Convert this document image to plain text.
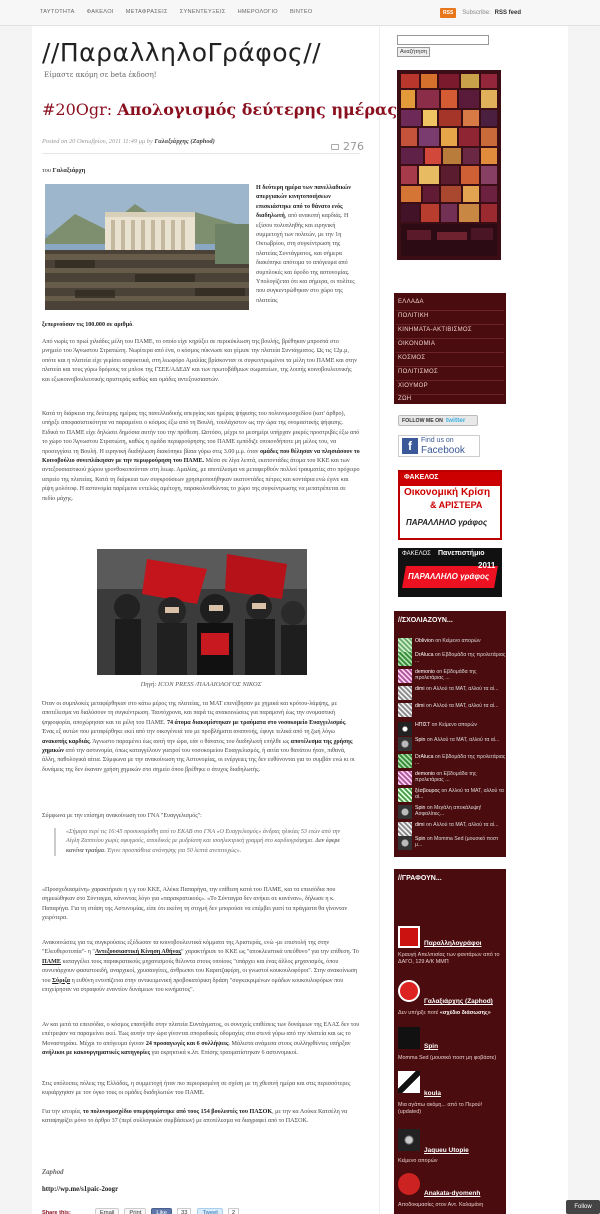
ΤΑΥΤΟΤΗΤΑ ΦΑΚΕΛΟΙ ΜΕΤΑΦΡΑΣΕΙΣ ΣΥΝΕΝΤΕΥΞΕΙΣ ΗΜΕΡΟΛΟΓΙΟ ΒΙΝΤΕΟ	RSS	Subscribe: RSS feed
//ΠαραλληλοΓράφος//
Είμαστε ακόμη σε beta έκδοση!
#20Ogr: Απολογισμός δεύτερης ημέρας
Posted on 20 Οκτωβρίου, 2011 11:49 μμ by Γαλαξιάρχης (Zaphod)	276
του Γαλαξιάρχη
Η δεύτερη ημέρα των πανελλαδικών απεργιακών κινητοποιήσεων επισκιάστηκε από το θάνατο ενός διαδηλωτή, από ανακοπή καρδιάς. Η εξίσου πολυπληθής και ειρηνική συμμετοχή των πολιτών, με την 1η Οκτωβρίου, στη συγκέντρωση της πλατείας Συντάγματος, και σήμερα διακόπηκε απότομα το απόγευμα από συμπλοκές και έφοδο της αστυνομίας. Υπολογίζεται ότι και σήμερα, οι πολίτες που συγκεντρώθηκαν στο χώρο της πλατείας
ξεπερνούσαν τις 100.000 σε αριθμό.
Από νωρίς το πρωί χιλιάδες μέλη του ΠΑΜΕ, το οποίο είχε κηρύξει σε περικύκλωση της βουλής, βρέθηκαν μπροστά στο μνημείο του Άγνωστου Στρατιώτη. Νωρίτερα από ένα, ο κόσμος πύκνωσε και γέμισε την πλατεία Συντάγματος. Ως τις 12μ.μ, οπότε και η πλατεία είχε γεμίσει ασφυκτικά, στη λεωφόρο Αμαλίας βρίσκονταν οι συγκεντρωμένοι τα μέλη του ΠΑΜΕ και στην πλατεία και τους γύρω δρόμους τα μπλοκ της ΓΣΕΕ/ΑΔΕΔΥ και των πρωτοβάθμιων σωματείων, της λοιπής κοινοβουλευτικής και εξωκοινοβουλευτικής αριστεράς καθώς και ομάδες αντεξουσιαστών.
Κατά τη διάρκεια της δεύτερης ημέρας της πανελλαδικής απεργίας και ημέρας ψήφισης του πολυνομοσχεδίου (κατ' άρθρο), υπήρξε αποφασιστικότητα να παραμείνει ο κόσμος έξω από τη Βουλή, τουλάχιστον ως την ώρα της ονομαστικής ψήφισης. Ειδικά το ΠΑΜΕ είχε δηλώσει δημόσια αυτήν του την πρόθεση. Ωστόσο, μέχρι το μεσημέρι υπήρχαν μικρές προστριβές έξω από το χώρο του Άγνωστου Στρατιώτη, καθώς η ομάδα περιφρούρησης του ΠΑΜΕ εμπόδιζε οποιονδήποτε μη μέλος του, να προσεγγίσει τη Βουλή. Η ειρηνική διαδήλωση διακόπηκε βίαια γύρω στις 3.00 μ.μ. όταν ομάδες που θέλησαν να πλησιάσουν το Κοινοβούλιο συνεπλάκησαν με την περιφρούρηση του ΠΑΜΕ. Μέσα σε λίγα λεπτά, εκατοντάδες άτομα του ΚΚΕ και των αντεξουσιαστικού χώρου γρονθοκοπούνταν στη λεωφ. Αμαλίας, με αποτέλεσμα να μεταφερθούν πολλοί τραυματίες στο πρόχειρο ιατρείο της πλατείας. Κατά τη διάρκεια των συγκρούσεων χρησιμοποιήθηκαν εκατοντάδες πέτρες και κοντάρια ενώ έγινε και ρίψη μολότοφ. Η αστυνομία παρέμεινε εντελώς αμέτοχη, παρακολουθώντας το χώρο της συγκέντρωσης να μετατρέπεται σε πεδίο μάχης.
Πηγή: ICON PRESS /ΠΑΛΑΙΟΛΟΓΟΣ ΝΙΚΟΣ
Όταν οι συμπλοκές μεταφέρθηκαν στο κάτω μέρος της πλατείας, τα ΜΑΤ επενέβησαν με χημικά και κρότου-λάμψης, με αποτέλεσμα να διαλύσουν τη συγκέντρωση. Ταυτόχρονα, και παρά τις ανακοινώσεις για παραμονή έως την ονομαστική ψηφοφορία, αποχώρησαν και τα μέλη του ΠΑΜΕ. 74 άτομα διακομίστηκαν με τραύματα στο νοσοκομείο Ευαγγελισμός. Ένας εξ αυτών που μεταφέρθηκε εκεί από την οικογένειά του με προβλήματα αναπνοής, έφυγε τελικά από τη ζωή λόγω ανακοπής καρδιάς. Άγνωστο παραμένει έως αυτή την ώρα, εάν ο θάνατος του διαδηλωτή επήλθε ως αποτέλεσμα της χρήσης χημικών από την αστυνομία, όπως καταγγέλουν γιατροί του νοσοκομείου Ευαγγελισμός, ή αιτία του θανάτου ήταν, πιθανά, άλλη, παθολογικά αίτια. Σύμφωνα με την ανακοίνωση της Αστυνομίας, οι ενέργειες της δεν ευθύνονται για το συμβάν ενώ κι οι δυνάμεις της δεν έκαναν χρήση χημικών στο σημείο όπου βρέθηκε ο άτυχος διαδηλωτής.
Σύμφωνα με την επίσημη ανακοίνωση του ΓΝΑ "Ευαγγελισμός":
«Σήμερα περί τις 16:45 προσεκομίσθη από το ΕΚΑΒ στο ΓΝΑ «Ο Ευαγγελισμός» άνδρας ηλικίας 53 ετών από την Αίγλη Ζαππείου χωρίς σφυγμούς, αποιδικός με μυδρίαση και ισοηλεκτρική γραμμή στο καρδιογράφημα. Δεν έφερε κανένα τραύμα. Έγινε προσπάθεια ανάνηψης για 50 λεπτά ανεπιτυχώς».
«Προσχεδιασμένη» χαρακτήρισε η γ.γ του ΚΚΕ, Αλέκα Παπαρήγα, την επίθεση κατά του ΠΑΜΕ, και τα επεισόδια που σημειώθηκαν στο Σύνταγμα, κάνοντας λόγο για «παρακρατικούς». «Το Σύνταγμα δεν ανήκει σε κανέναν», δήλωσε η κ. Παπαρήγα. Για τη στάση της Αστυνομίας, είπε ότι εκείνη τη στιγμή δεν μπορούσε να επέμβει γιατί τα πράγματα θα γίνονταν χειρότερα.
Ανακοινώσεις για τις συγκρούσεις εξέδωσαν τα κοινοβουλευτικά κόμματα της Αριστεράς, ενώ -με επιστολή της στην "Ελευθεροτυπία"- η "Αντεξουσιαστική Κίνηση Αθήνας" χαρακτήρισε το ΚΚΕ ως "αποκλειστικά υπεύθυνο" για την επίθεση. Το ΠΑΜΕ καταγγέλει τους παρακρατικούς μηχανισμούς θέλοντα στους οποίους "υπάρχει και ένας άλλος μηχανισμός, όπου συνυπάρχουν φασιστοειδή, αναρχικοί, χρυσαυγίτες, άνθρωποι του Καρατζαφέρη, οι γνωστοί κουκουλοφόροι". Στην ανακοίνωση του Σύριζα η ευθύνη εντοπίζεται στην αντικειμενική προβοκατόρικη δράση "συγκεκριμένων ομάδων κουκουλοφόρων που επιχείρησαν να στραφούν εναντίον δυνάμεων του κινήματος".
Αν και μετά τα επεισόδια, ο κόσμος επανήλθε στην πλατεία Συντάγματος, οι συνεχείς επιθέσεις των δυνάμεων της ΕΛΑΣ δεν του επέτρεψαν να παραμείνει εκεί. Έως αυτήν την ώρα γίνονται σποραδικές οδομαχίες στα στενά γύρω από την πλατεία και ως το Μοναστηράκι. Μέχρι το απόγευμα έγιναν 24 προσαγωγές και 6 συλλήψεις. Μάλιστα ανάμεσα στους συλληφθέντες υπήρξαν ανήλικοι με κακουργηματικές κατηγορίες για εκρηκτικά κ.λπ. Επίσης τραυματίστηκαν 6 αστυνομικοί.
Στις υπόλοιπες πόλεις της Ελλάδας, η συμμετοχή ήταν πιο περιορισμένη σε σχέση με τη χθεσινή ημέρα και στις περισσότερες κυριάρχησαν με τον όγκο τους οι ομάδες διαδηλωτών του ΠΑΜΕ.
Για την ιστορία, το πολυνομοσχέδιο υπερψηφίστηκε από τους 154 βουλευτές του ΠΑΣΟΚ, με την κα Λούκα Κατσέλη να καταψηφίζει μόνο το άρθρο 37 (περί συλλογικών συμβάσεων) με αποτέλεσμα να διαγραφεί από το ΠΑΣΟΚ.
Zaphod
http://wp.me/s1paic-2oogr
Share this:	Email	Print	Like	33	Tweet	2
Αναζήτηση
ΕΛΛΑΔΑ
ΠΟΛΙΤΙΚΗ
ΚΙΝΗΜΑΤΑ-ΑΚΤΙΒΙΣΜΟΣ
ΟΙΚΟΝΟΜΙΑ
ΚΟΣΜΟΣ
ΠΟΛΙΤΙΣΜΟΣ
ΧΙΟΥΜΟΡ
ΖΩΗ
FOLLOW ME ON twitter
f	Find us on
Facebook
ΦΑΚΕΛΟΣ
Οικονομική Κρίση
& ΑΡΙΣΤΕΡΑ
ΠΑΡΑΛΛΗΛΟ γράφος
ΦΑΚΕΛΟΣ Πανεπιστήμιο
ΠΑΡΑΛΛΗΛΟ γράφος
2011
//ΣΧΟΛΙΑΖΟΥΝ...
Oblivion on Κείμενο απορών
DrAluca on Εβδομάδα της προλετάριας ...
demonio on Εβδομάδα της προλετάριας ...
dimi on Αλλού τα ΜΑΤ, αλλού τα αί...
dimi on Αλλού τα ΜΑΤ, αλλού τα αί...
ΗΠΙΣΤ on Κείμενο απορών
Spin on Αλλού τα ΜΑΤ, αλλού τα αί...
DrAluca on Εβδομάδα της προλετάριας ...
demonio on Εβδομάδα της προλετάριας ...
ξέσβουρος on Αλλού τα ΜΑΤ, αλλού τα αί...
Spin on Μεγάλη αποκάλυψη! Ασφαλίτιες...
dimi on Αλλού τα ΜΑΤ, αλλού τα αί...
Spin on Momma Sed (μουσικό ποστ μ...
//ΓΡΑΦΟΥΝ...
Παραλληλογράφοι
Κραυγή Απελπισίας των φαντάρων από το ΔΑΓΟ, 129 Α/Κ ΜΜΠ
Γαλαξιάρχης (Zaphod)
Δεν υπήρξε ποτέ «σχέδιο διάσωσης»
Spin
Momma Sed (μουσικό ποστ μη φοβάστε)
koula
Μια αγάπω ακόμη... από το Περού! (updated)
Jaqueu Utopie
Κείμενο απορών
Anakata-dyomenh
Αποδοκιμασίες στον Αντ. Καλαμάνη	Follow
